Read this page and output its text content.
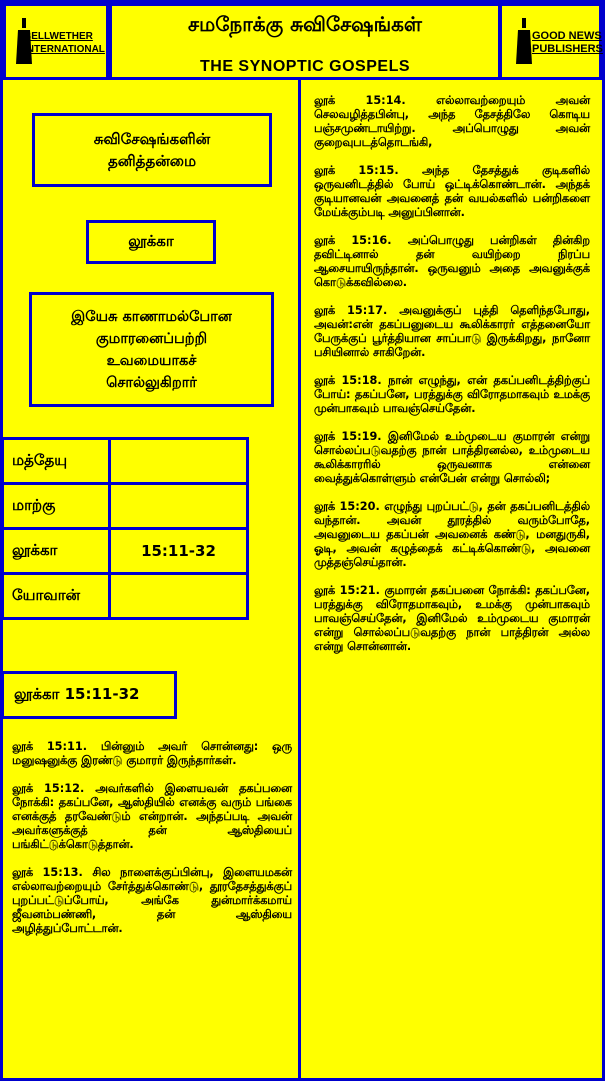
BELLWETHER
INTERNATIONAL
சமநோக்கு சுவிசேஷங்கள்
THE SYNOPTIC GOSPELS
GOOD NEWS
PUBLISHERS
சுவிசேஷங்களின்
தனித்தன்மை
லூக்கா
இயேசு காணாமல்போன
குமாரனைப்பற்றி
உவமையாகச்
சொல்லுகிறார்
மத்தேயு	
மாற்கு	
லூக்கா	15:11-32
யோவான்	
லூக்கா 15:11-32

லூக் 15:11. பின்னும் அவர் சொன்னது: ஒரு மனுஷனுக்கு இரண்டு குமாரர் இருந்தார்கள்.

லூக் 15:12. அவர்களில் இளையவன் தகப்பனை நோக்கி: தகப்பனே, ஆஸ்தியில் எனக்கு வரும் பங்கை எனக்குத் தரவேண்டும் என்றான். அந்தப்படி அவன் அவர்களுக்குத் தன் ஆஸ்தியைப் பங்கிட்டுக்கொடுத்தான்.

லூக் 15:13. சில நாளைக்குப்பின்பு, இளையமகன் எல்லாவற்றையும் சேர்த்துக்கொண்டு, தூரதேசத்துக்குப் புறப்பட்டுப்போய், அங்கே துன்மார்க்கமாய் ஜீவனம்பண்ணி, தன் ஆஸ்தியை அழித்துப்போட்டான்.

லூக் 15:14. எல்லாவற்றையும் அவன் செலவழித்தபின்பு, அந்த தேசத்திலே கொடிய பஞ்சமுண்டாயிற்று. அப்பொழுது அவன் குறைவுபடத்தொடங்கி,

லூக் 15:15. அந்த தேசத்துக் குடிகளில் ஒருவனிடத்தில் போய் ஒட்டிக்கொண்டான். அந்தக் குடியானவன் அவனைத் தன் வயல்களில் பன்றிகளை மேய்க்கும்படி அனுப்பினான்.

லூக் 15:16. அப்பொழுது பன்றிகள் தின்கிற தவிட்டினால் தன் வயிற்றை நிரப்ப ஆசையாயிருந்தான். ஒருவனும் அதை அவனுக்குக் கொடுக்கவில்லை.

லூக் 15:17. அவனுக்குப் புத்தி தெளிந்தபோது, அவன்:என் தகப்பனுடைய கூலிக்காரர் எத்தனையோ பேருக்குப் பூர்த்தியான சாப்பாடு இருக்கிறது, நானோ பசியினால் சாகிறேன்.

லூக் 15:18. நான் எழுந்து, என் தகப்பனிடத்திற்குப் போய்: தகப்பனே, பரத்துக்கு விரோதமாகவும் உமக்கு முன்பாகவும் பாவஞ்செய்தேன்.

லூக் 15:19. இனிமேல் உம்முடைய குமாரன் என்று சொல்லப்படுவதற்கு நான் பாத்திரனல்ல, உம்முடைய கூலிக்காரரில் ஒருவனாக என்னை வைத்துக்கொள்ளும் என்பேன் என்று சொல்லி;

லூக் 15:20. எழுந்து புறப்பட்டு, தன் தகப்பனிடத்தில் வந்தான். அவன் தூரத்தில் வரும்போதே, அவனுடைய தகப்பன் அவனைக் கண்டு, மனதுருகி, ஓடி, அவன் கழுத்தைக் கட்டிக்கொண்டு, அவனை முத்தஞ்செய்தான்.

லூக் 15:21. குமாரன் தகப்பனை நோக்கி: தகப்பனே, பரத்துக்கு விரோதமாகவும், உமக்கு முன்பாகவும் பாவஞ்செய்தேன், இனிமேல் உம்முடைய குமாரன் என்று சொல்லப்படுவதற்கு நான் பாத்திரன் அல்ல என்று சொன்னான்.
